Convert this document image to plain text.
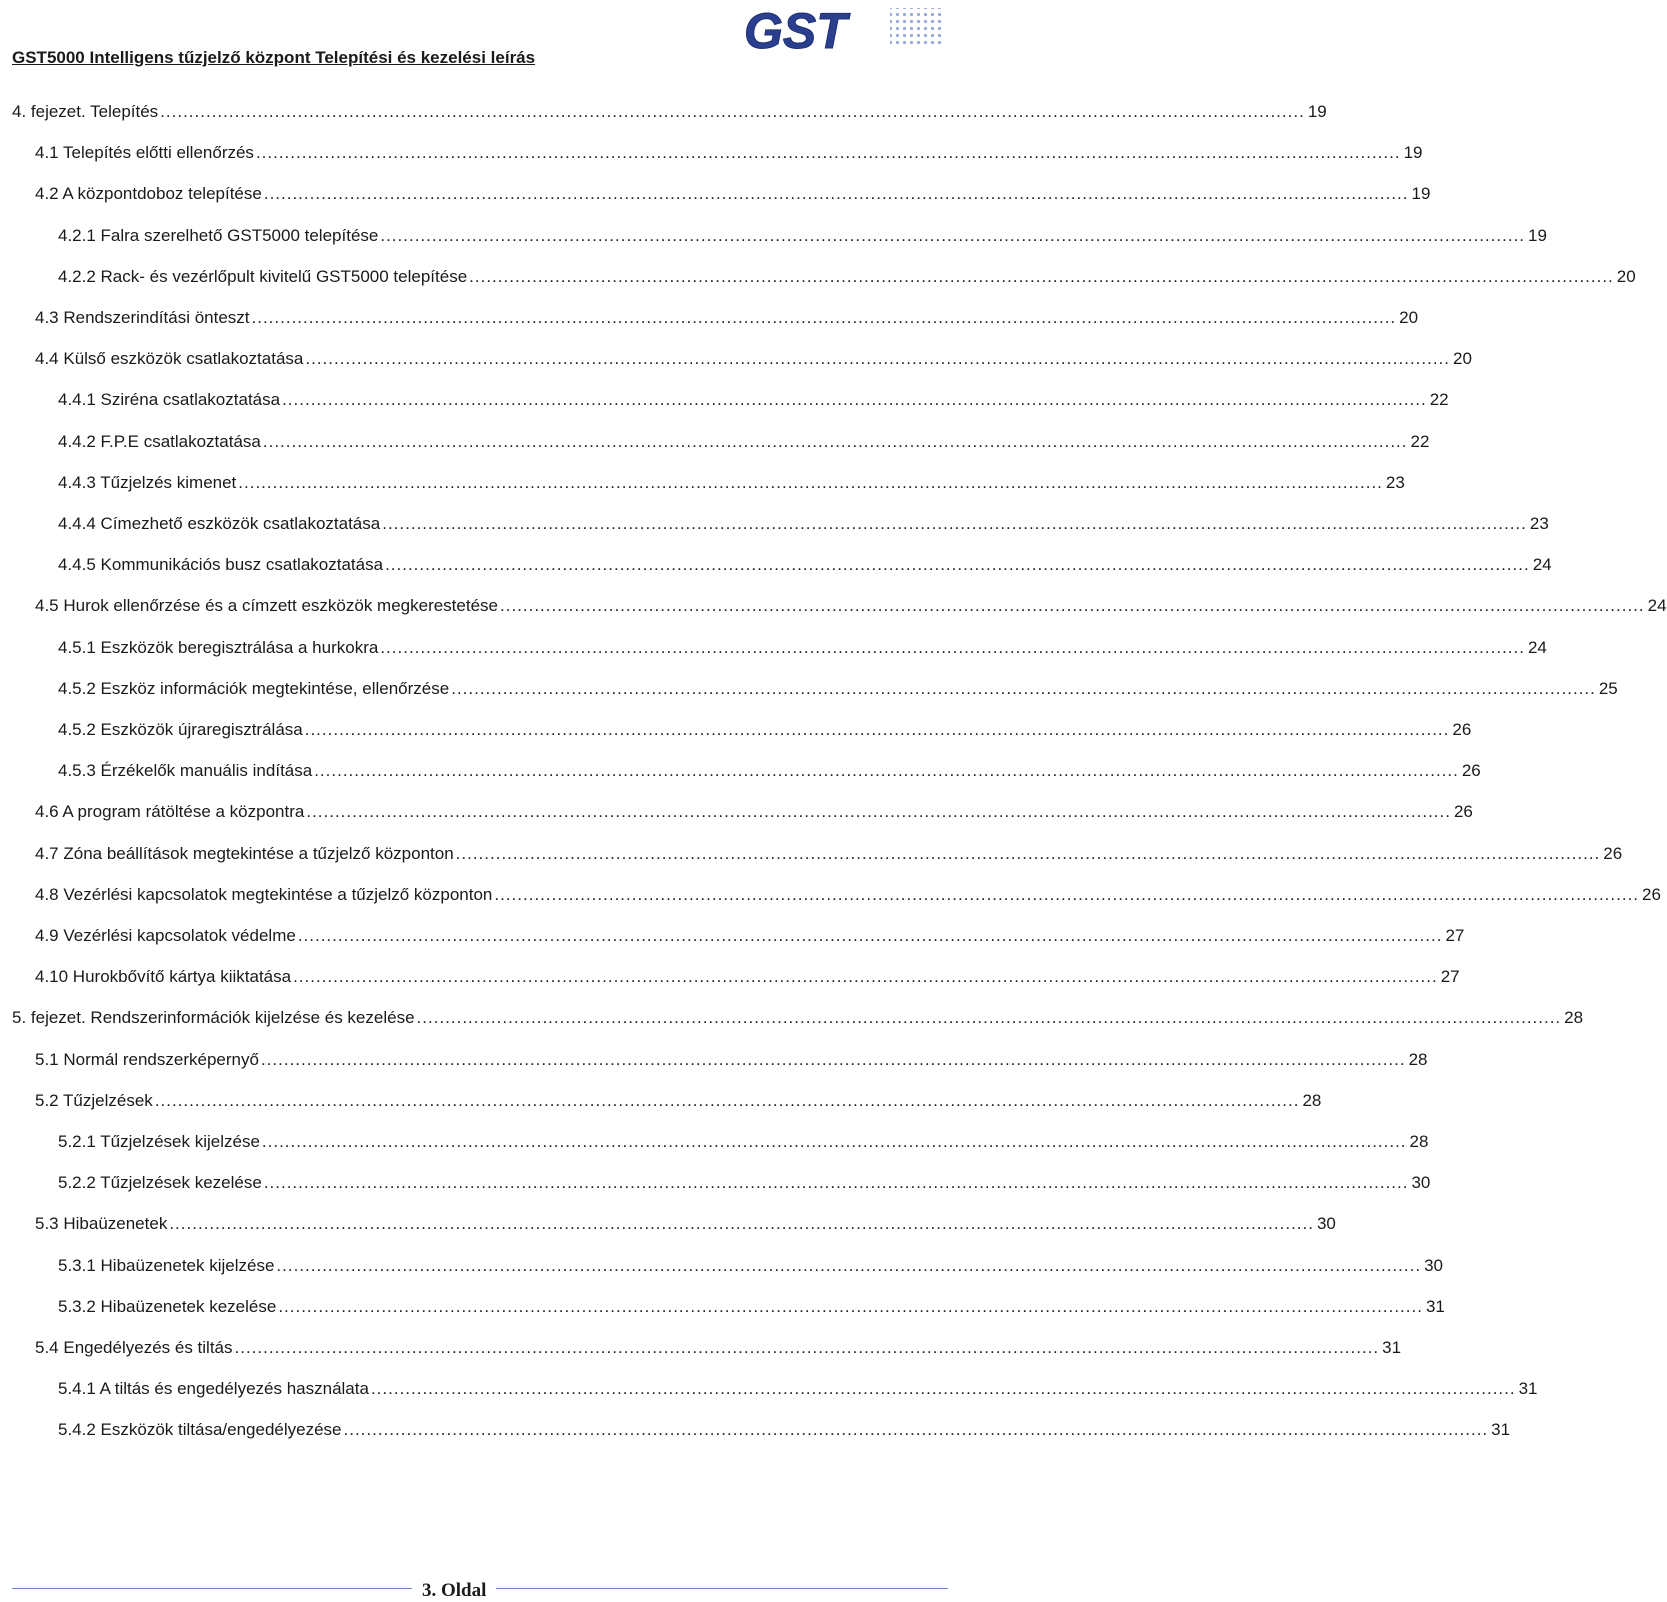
GST5000 Intelligens tűzjelző központ Telepítési és kezelési leírás	GST
4. fejezet. Telepítés ........................................................................................................................................................................................................ 19
4.1 Telepítés előtti ellenőrzés ........................................................................................................................................................................................................ 19
4.2 A központdoboz telepítése ........................................................................................................................................................................................................ 19
4.2.1 Falra szerelhető GST5000 telepítése ........................................................................................................................................................................................................ 19
4.2.2 Rack- és vezérlőpult kivitelű GST5000 telepítése ........................................................................................................................................................................................................ 20
4.3 Rendszerindítási önteszt ........................................................................................................................................................................................................ 20
4.4 Külső eszközök csatlakoztatása ........................................................................................................................................................................................................ 20
4.4.1 Sziréna csatlakoztatása ........................................................................................................................................................................................................ 22
4.4.2 F.P.E csatlakoztatása ........................................................................................................................................................................................................ 22
4.4.3 Tűzjelzés kimenet ........................................................................................................................................................................................................ 23
4.4.4 Címezhető eszközök csatlakoztatása ........................................................................................................................................................................................................ 23
4.4.5 Kommunikációs busz csatlakoztatása ........................................................................................................................................................................................................ 24
4.5 Hurok ellenőrzése és a címzett eszközök megkerestetése ........................................................................................................................................................................................................ 24
4.5.1 Eszközök beregisztrálása a hurkokra ........................................................................................................................................................................................................ 24
4.5.2 Eszköz információk megtekintése, ellenőrzése ........................................................................................................................................................................................................ 25
4.5.2 Eszközök újraregisztrálása ........................................................................................................................................................................................................ 26
4.5.3 Érzékelők manuális indítása ........................................................................................................................................................................................................ 26
4.6 A program rátöltése a központra ........................................................................................................................................................................................................ 26
4.7 Zóna beállítások megtekintése a tűzjelző központon ........................................................................................................................................................................................................ 26
4.8 Vezérlési kapcsolatok megtekintése a tűzjelző központon ........................................................................................................................................................................................................ 26
4.9 Vezérlési kapcsolatok védelme ........................................................................................................................................................................................................ 27
4.10 Hurokbővítő kártya kiiktatása ........................................................................................................................................................................................................ 27
5. fejezet. Rendszerinformációk kijelzése és kezelése ........................................................................................................................................................................................................ 28
5.1 Normál rendszerképernyő ........................................................................................................................................................................................................ 28
5.2 Tűzjelzések ........................................................................................................................................................................................................ 28
5.2.1 Tűzjelzések kijelzése ........................................................................................................................................................................................................ 28
5.2.2 Tűzjelzések kezelése ........................................................................................................................................................................................................ 30
5.3 Hibaüzenetek ........................................................................................................................................................................................................ 30
5.3.1 Hibaüzenetek kijelzése ........................................................................................................................................................................................................ 30
5.3.2 Hibaüzenetek kezelése ........................................................................................................................................................................................................ 31
5.4 Engedélyezés és tiltás ........................................................................................................................................................................................................ 31
5.4.1 A tiltás és engedélyezés használata ........................................................................................................................................................................................................ 31
5.4.2 Eszközök tiltása/engedélyezése ........................................................................................................................................................................................................ 31
3. Oldal
